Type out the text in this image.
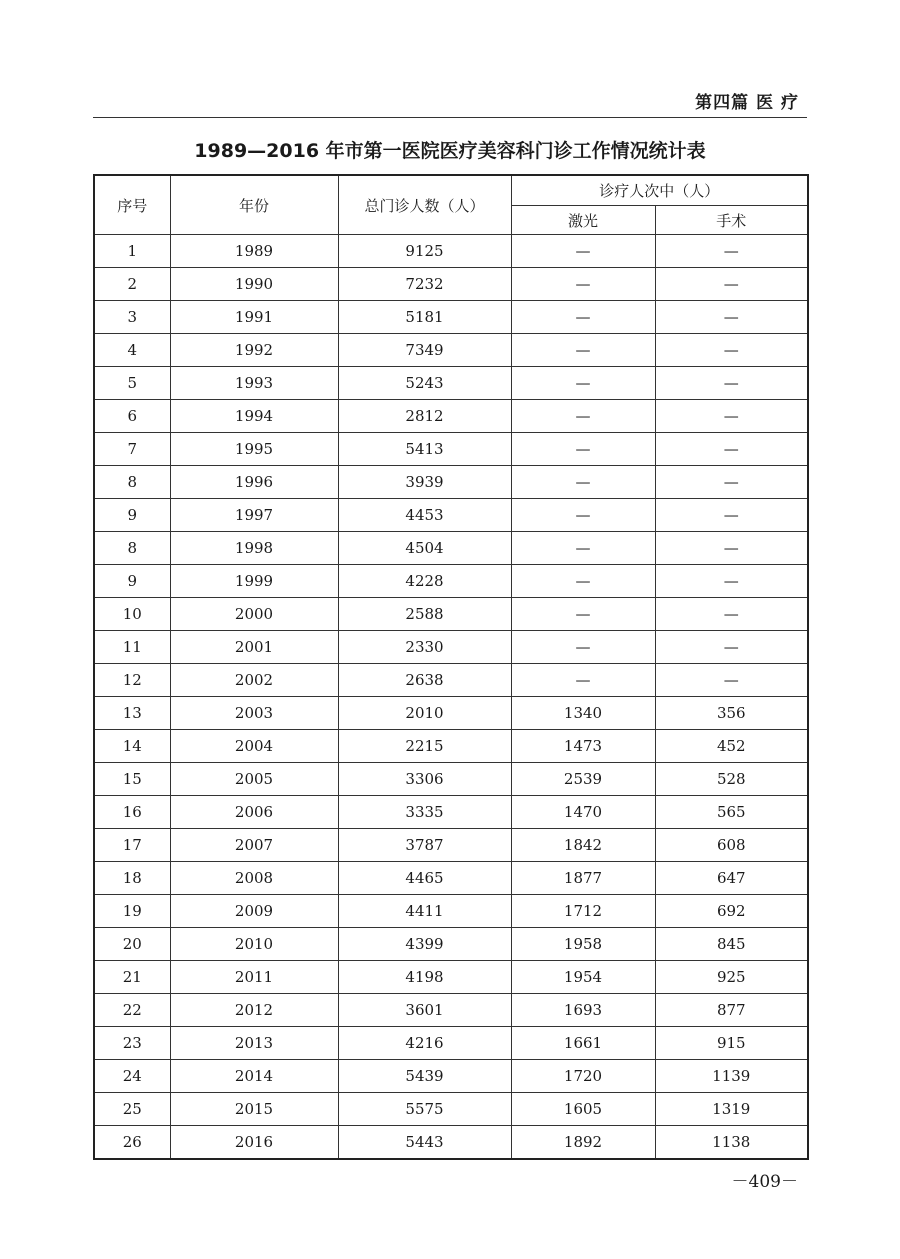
第四篇 医 疗
1989—2016 年市第一医院医疗美容科门诊工作情况统计表
序号	年份	总门诊人数（人）	诊疗人次中（人）	
			激光	手术
1	1989	9125	—	—
2	1990	7232	—	—
3	1991	5181	—	—
4	1992	7349	—	—
5	1993	5243	—	—
6	1994	2812	—	—
7	1995	5413	—	—
8	1996	3939	—	—
9	1997	4453	—	—
8	1998	4504	—	—
9	1999	4228	—	—
10	2000	2588	—	—
11	2001	2330	—	—
12	2002	2638	—	—
13	2003	2010	1340	356
14	2004	2215	1473	452
15	2005	3306	2539	528
16	2006	3335	1470	565
17	2007	3787	1842	608
18	2008	4465	1877	647
19	2009	4411	1712	692
20	2010	4399	1958	845
21	2011	4198	1954	925
22	2012	3601	1693	877
23	2013	4216	1661	915
24	2014	5439	1720	1139
25	2015	5575	1605	1319
26	2016	5443	1892	1138
－409－
